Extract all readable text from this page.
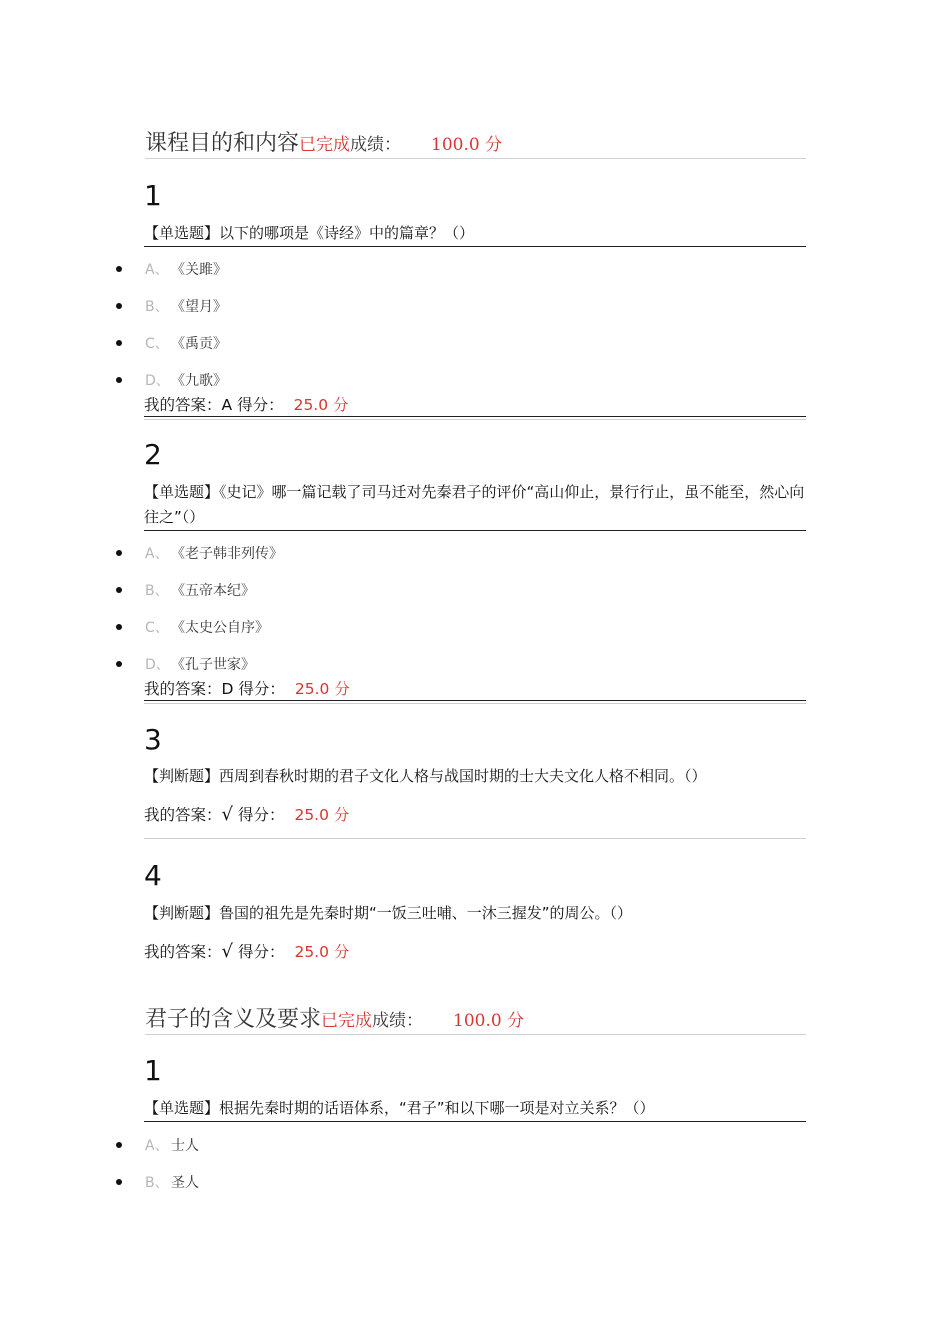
课程目的和内容已完成成绩： 100.0 分
1
【单选题】以下的哪项是《诗经》中的篇章？（）
A、 《关雎》
B、 《望月》
C、 《禹贡》
D、 《九歌》
我的答案：A 得分： 25.0 分
2
【单选题】《史记》哪一篇记载了司马迁对先秦君子的评价“高山仰止，景行行止，虽不能至，然心向往之”（）
A、 《老子韩非列传》
B、 《五帝本纪》
C、 《太史公自序》
D、 《孔子世家》
我的答案：D 得分： 25.0 分
3
【判断题】西周到春秋时期的君子文化人格与战国时期的士大夫文化人格不相同。（）
我的答案：√ 得分： 25.0 分
4
【判断题】鲁国的祖先是先秦时期“一饭三吐哺、一沐三握发”的周公。（）
我的答案：√ 得分： 25.0 分
君子的含义及要求已完成成绩： 100.0 分
1
【单选题】根据先秦时期的话语体系，“君子”和以下哪一项是对立关系？（）
A、 士人
B、 圣人
